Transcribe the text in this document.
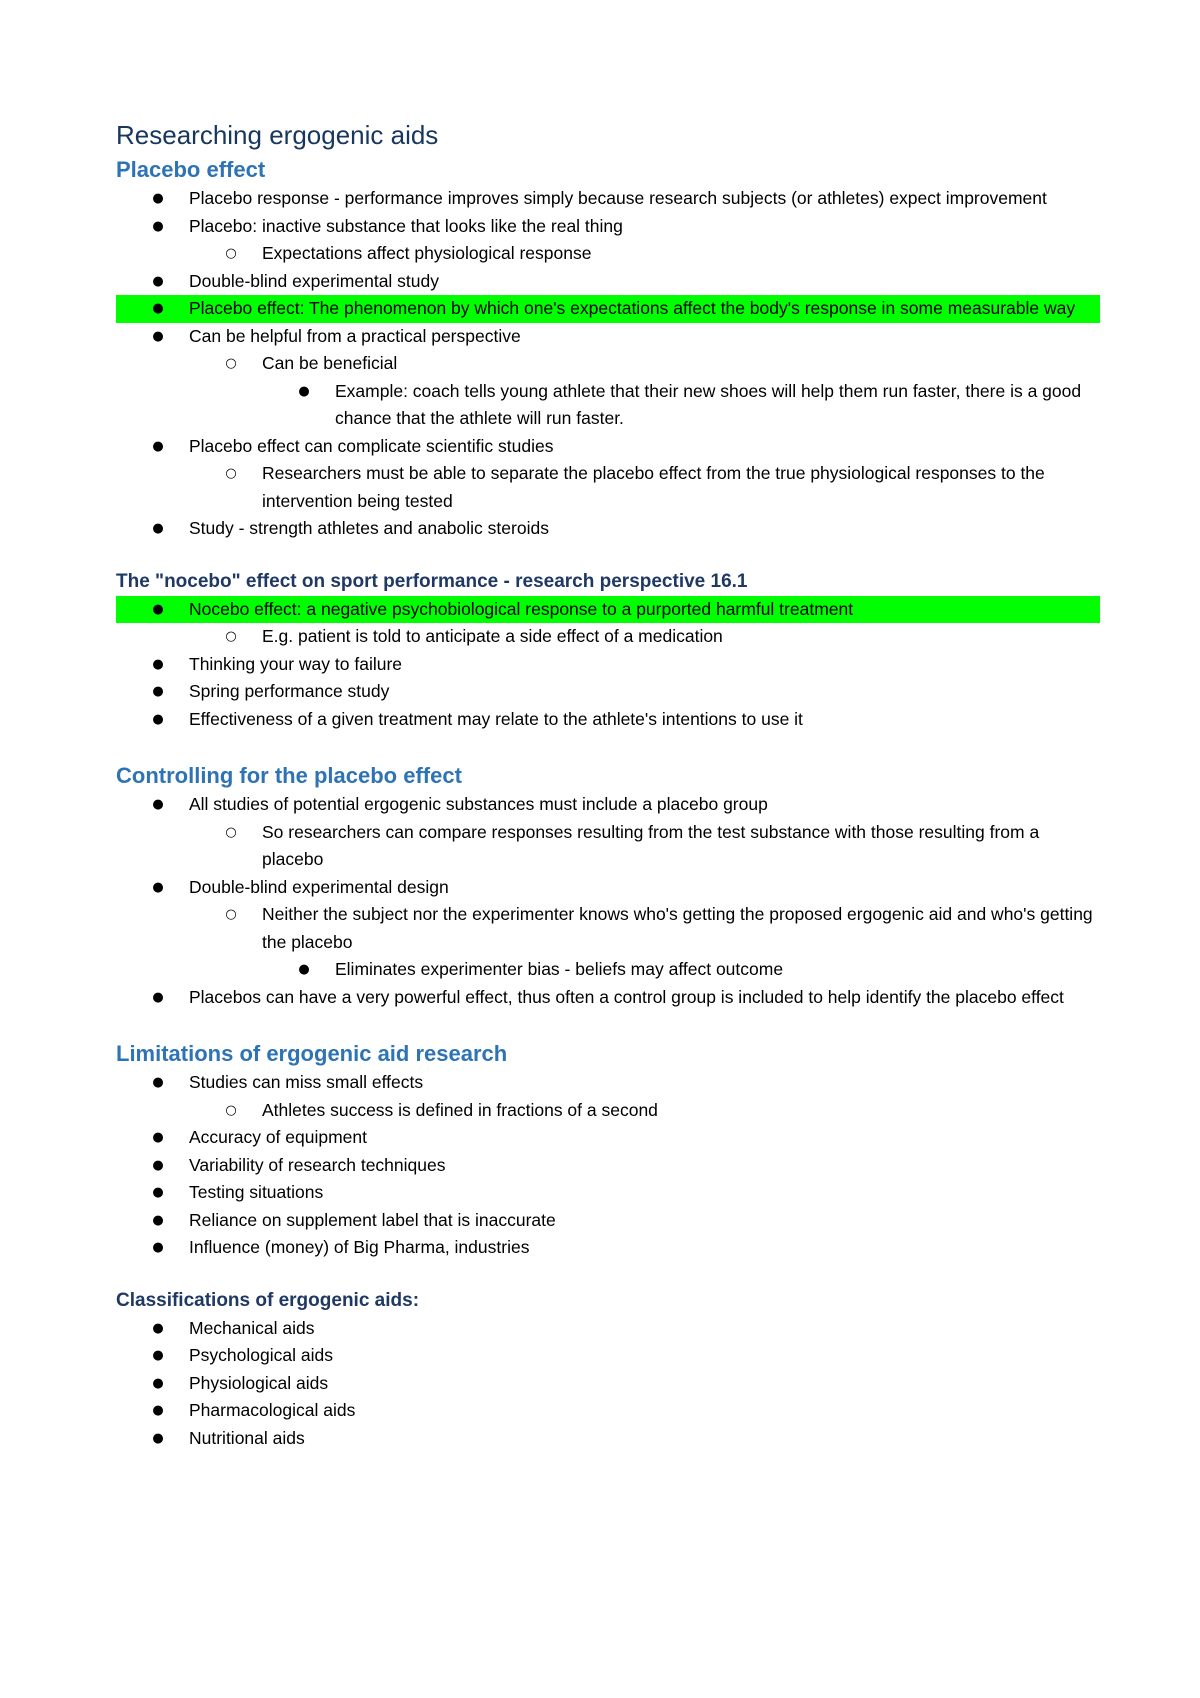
Researching ergogenic aids
Placebo effect
● Placebo response - performance improves simply because research subjects (or athletes) expect improvement
● Placebo: inactive substance that looks like the real thing
○ Expectations affect physiological response
● Double-blind experimental study
● Placebo effect: The phenomenon by which one's expectations affect the body's response in some measurable way
● Can be helpful from a practical perspective
○ Can be beneficial
● Example: coach tells young athlete that their new shoes will help them run faster, there is a good chance that the athlete will run faster.
● Placebo effect can complicate scientific studies
○ Researchers must be able to separate the placebo effect from the true physiological responses to the intervention being tested
● Study - strength athletes and anabolic steroids
The "nocebo" effect on sport performance - research perspective 16.1
● Nocebo effect: a negative psychobiological response to a purported harmful treatment
○ E.g. patient is told to anticipate a side effect of a medication
● Thinking your way to failure
● Spring performance study
● Effectiveness of a given treatment may relate to the athlete's intentions to use it
Controlling for the placebo effect
● All studies of potential ergogenic substances must include a placebo group
○ So researchers can compare responses resulting from the test substance with those resulting from a placebo
● Double-blind experimental design
○ Neither the subject nor the experimenter knows who's getting the proposed ergogenic aid and who's getting the placebo
● Eliminates experimenter bias - beliefs may affect outcome
● Placebos can have a very powerful effect, thus often a control group is included to help identify the placebo effect
Limitations of ergogenic aid research
● Studies can miss small effects
○ Athletes success is defined in fractions of a second
● Accuracy of equipment
● Variability of research techniques
● Testing situations
● Reliance on supplement label that is inaccurate
● Influence (money) of Big Pharma, industries
Classifications of ergogenic aids:
● Mechanical aids
● Psychological aids
● Physiological aids
● Pharmacological aids
● Nutritional aids
